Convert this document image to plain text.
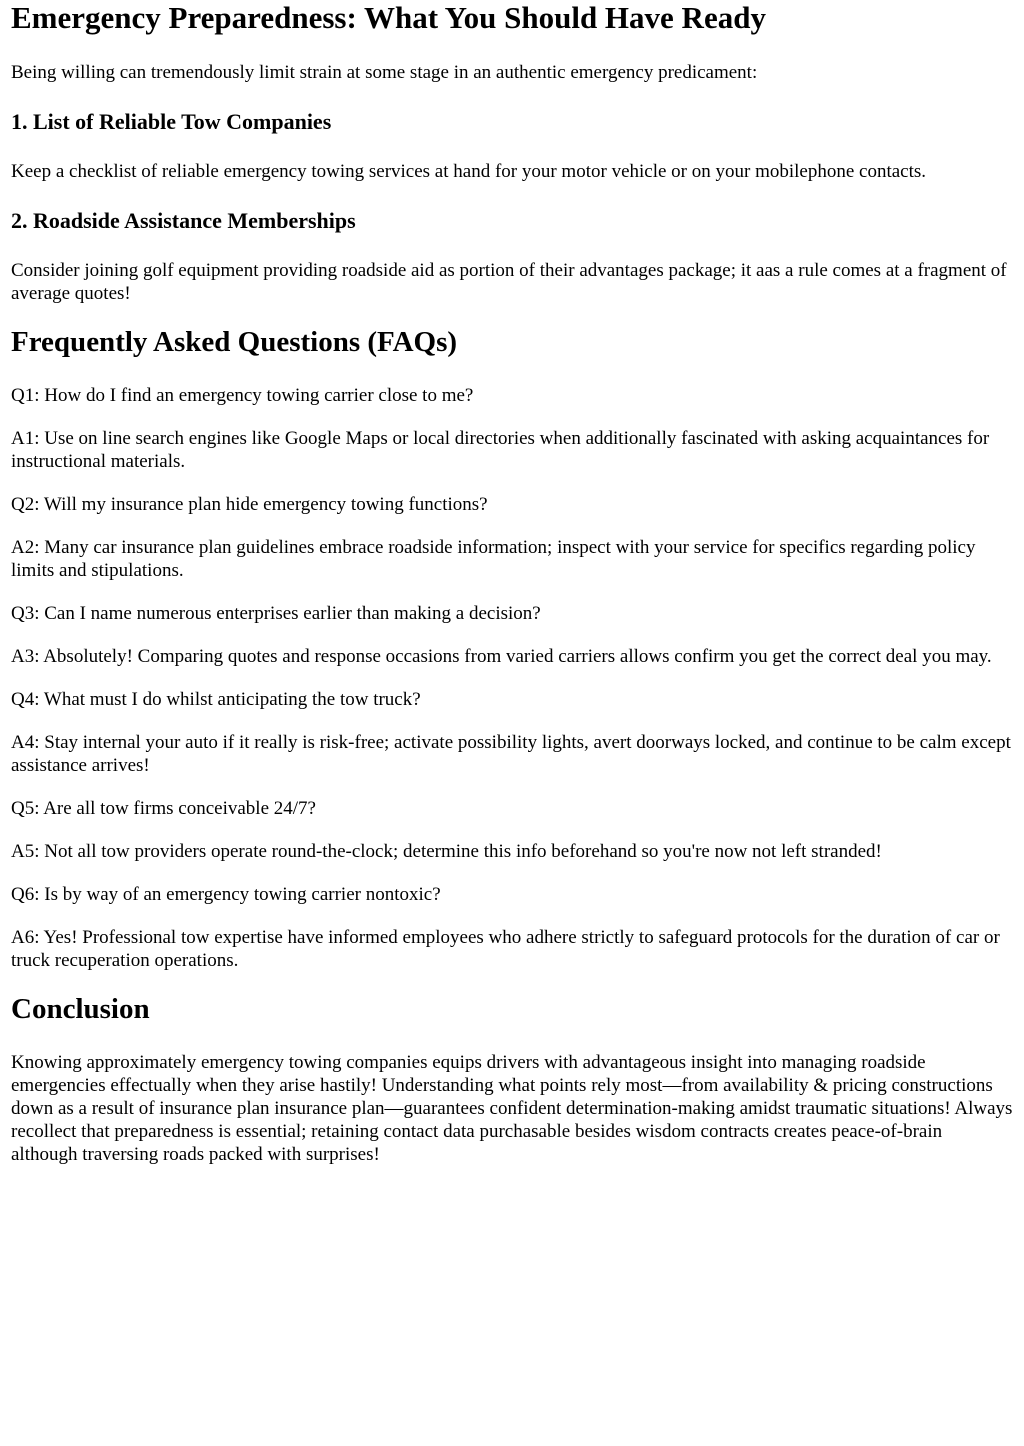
Emergency Preparedness: What You Should Have Ready

Being willing can tremendously limit strain at some stage in an authentic emergency predicament:

1. List of Reliable Tow Companies

Keep a checklist of reliable emergency towing services at hand for your motor vehicle or on your mobilephone contacts.

2. Roadside Assistance Memberships

Consider joining golf equipment providing roadside aid as portion of their advantages package; it aas a rule comes at a fragment of average quotes!

Frequently Asked Questions (FAQs)

Q1: How do I find an emergency towing carrier close to me?

A1: Use on line search engines like Google Maps or local directories when additionally fascinated with asking acquaintances for instructional materials.

Q2: Will my insurance plan hide emergency towing functions?

A2: Many car insurance plan guidelines embrace roadside information; inspect with your service for specifics regarding policy limits and stipulations.

Q3: Can I name numerous enterprises earlier than making a decision?

A3: Absolutely! Comparing quotes and response occasions from varied carriers allows confirm you get the correct deal you may.

Q4: What must I do whilst anticipating the tow truck?

A4: Stay internal your auto if it really is risk-free; activate possibility lights, avert doorways locked, and continue to be calm except assistance arrives!

Q5: Are all tow firms conceivable 24/7?

A5: Not all tow providers operate round-the-clock; determine this info beforehand so you're now not left stranded!

Q6: Is by way of an emergency towing carrier nontoxic?

A6: Yes! Professional tow expertise have informed employees who adhere strictly to safeguard protocols for the duration of car or truck recuperation operations.

Conclusion

Knowing approximately emergency towing companies equips drivers with advantageous insight into managing roadside emergencies effectually when they arise hastily! Understanding what points rely most—from availability & pricing constructions down as a result of insurance plan insurance plan—guarantees confident determination-making amidst traumatic situations! Always recollect that preparedness is essential; retaining contact data purchasable besides wisdom contracts creates peace-of-brain although traversing roads packed with surprises!
